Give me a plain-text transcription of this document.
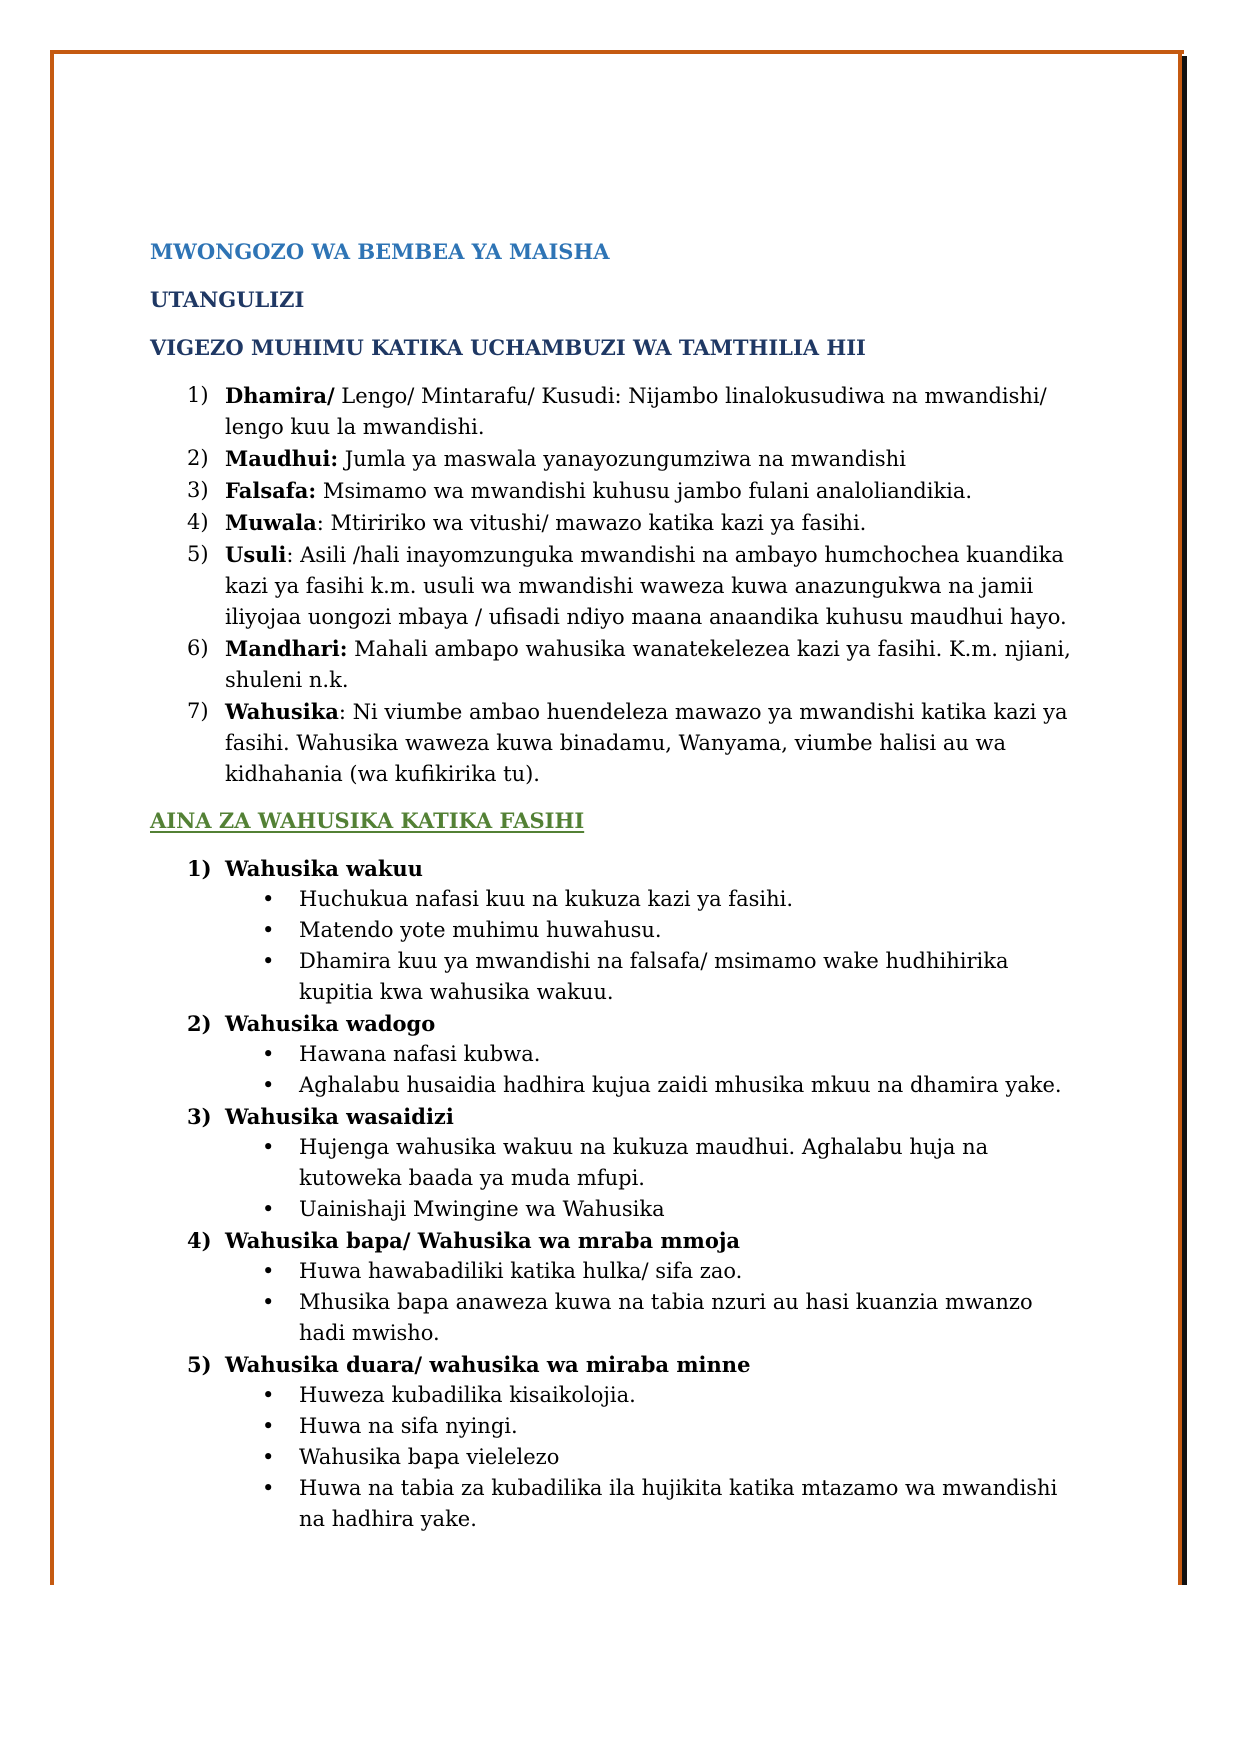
MWONGOZO WA BEMBEA YA MAISHA
UTANGULIZI
VIGEZO MUHIMU KATIKA UCHAMBUZI WA TAMTHILIA HII
1) Dhamira/ Lengo/ Mintarafu/ Kusudi: Nijambo linalokusudiwa na mwandishi/ lengo kuu la mwandishi.
2) Maudhui: Jumla ya maswala yanayozungumziwa na mwandishi
3) Falsafa: Msimamo wa mwandishi kuhusu jambo fulani analoliandikia.
4) Muwala: Mtiririko wa vitushi/ mawazo katika kazi ya fasihi.
5) Usuli: Asili /hali inayomzunguka mwandishi na ambayo humchochea kuandika kazi ya fasihi k.m. usuli wa mwandishi waweza kuwa anazungukwa na jamii iliyojaa uongozi mbaya / ufisadi ndiyo maana anaandika kuhusu maudhui hayo.
6) Mandhari: Mahali ambapo wahusika wanatekelezea kazi ya fasihi. K.m. njiani, shuleni n.k.
7) Wahusika: Ni viumbe ambao huendeleza mawazo ya mwandishi katika kazi ya fasihi. Wahusika waweza kuwa binadamu, Wanyama, viumbe halisi au wa kidhahania (wa kufikirika tu).
AINA ZA WAHUSIKA KATIKA FASIHI
1) Wahusika wakuu
• Huchukua nafasi kuu na kukuza kazi ya fasihi.
• Matendo yote muhimu huwahusu.
• Dhamira kuu ya mwandishi na falsafa/ msimamo wake hudhihirika kupitia kwa wahusika wakuu.
2) Wahusika wadogo
• Hawana nafasi kubwa.
• Aghalabu husaidia hadhira kujua zaidi mhusika mkuu na dhamira yake.
3) Wahusika wasaidizi
• Hujenga wahusika wakuu na kukuza maudhui. Aghalabu huja na kutoweka baada ya muda mfupi.
• Uainishaji Mwingine wa Wahusika
4) Wahusika bapa/ Wahusika wa mraba mmoja
• Huwa hawabadiliki katika hulka/ sifa zao.
• Mhusika bapa anaweza kuwa na tabia nzuri au hasi kuanzia mwanzo hadi mwisho.
5) Wahusika duara/ wahusika wa miraba minne
• Huweza kubadilika kisaikolojia.
• Huwa na sifa nyingi.
• Wahusika bapa vielelezo
• Huwa na tabia za kubadilika ila hujikita katika mtazamo wa mwandishi na hadhira yake.
